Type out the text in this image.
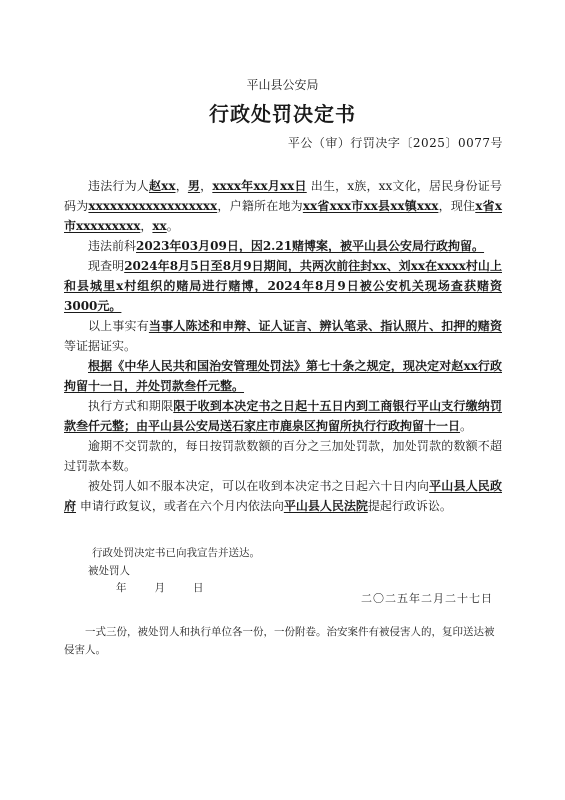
平山县公安局
行政处罚决定书
平公（审）行罚决字〔2025〕0077号

违法行为人赵xx，男，xxxx年xx月xx日 出生，x族，xx文化，居民身份证号码为xxxxxxxxxxxxxxxxxx，户籍所在地为xx省xxx市xx县xx镇xxx，现住x省x市xxxxxxxxx，xx。

违法前科2023年03月09日，因2.21赌博案，被平山县公安局行政拘留。

现查明2024年8月5日至8月9日期间，共两次前往封xx、刘xx在xxxx村山上和县城里x村组织的赌局进行赌博，2024年8月9日被公安机关现场查获赌资3000元。

以上事实有当事人陈述和申辩、证人证言、辨认笔录、指认照片、扣押的赌资等证据证实。

根据《中华人民共和国治安管理处罚法》第七十条之规定，现决定对赵xx行政拘留十一日，并处罚款叁仟元整。

执行方式和期限限于收到本决定书之日起十五日内到工商银行平山支行缴纳罚款叁仟元整；由平山县公安局送石家庄市鹿泉区拘留所执行行政拘留十一日。

逾期不交罚款的，每日按罚款数额的百分之三加处罚款，加处罚款的数额不超过罚款本数。

被处罚人如不服本决定，可以在收到本决定书之日起六十日内向平山县人民政府 申请行政复议，或者在六个月内依法向平山县人民法院提起行政诉讼。

行政处罚决定书已向我宣告并送达。
被处罚人
年	月	日
二〇二五年二月二十七日
一式三份，被处罚人和执行单位各一份，一份附卷。治安案件有被侵害人的，复印送达被侵害人。
